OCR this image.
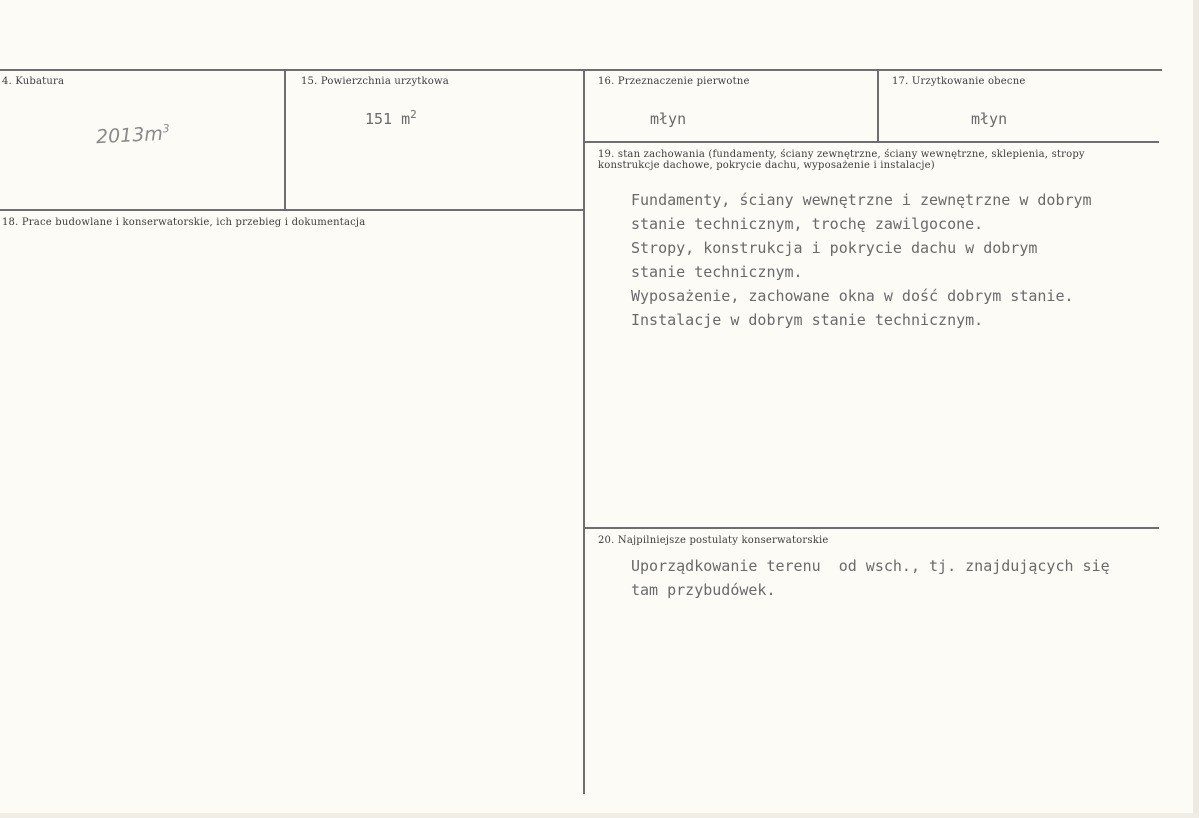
4. Kubatura
$2013m^3$
15. Powierzchnia urzytkowa
151 $m^2$
16. Przeznaczenie pierwotne
młyn
17. Urzytkowanie obecne
młyn
19. stan zachowania (fundamenty, ściany zewnętrzne, ściany wewnętrzne, sklepienia, stropy konstrukcje dachowe, pokrycie dachu, wyposażenie i instalacje)
Fundamenty, ściany wewnętrzne i zewnętrzne w dobrym
stanie technicznym, trochę zawilgocone.
Stropy, konstrukcja i pokrycie dachu w dobrym
stanie technicznym.
Wyposażenie, zachowane okna w dość dobrym stanie.
Instalacje w dobrym stanie technicznym.
18. Prace budowlane i konserwatorskie, ich przebieg i dokumentacja
20. Najpilniejsze postulaty konserwatorskie
Uporządkowanie terenu  od wsch., tj. znajdujących się
tam przybudówek.
